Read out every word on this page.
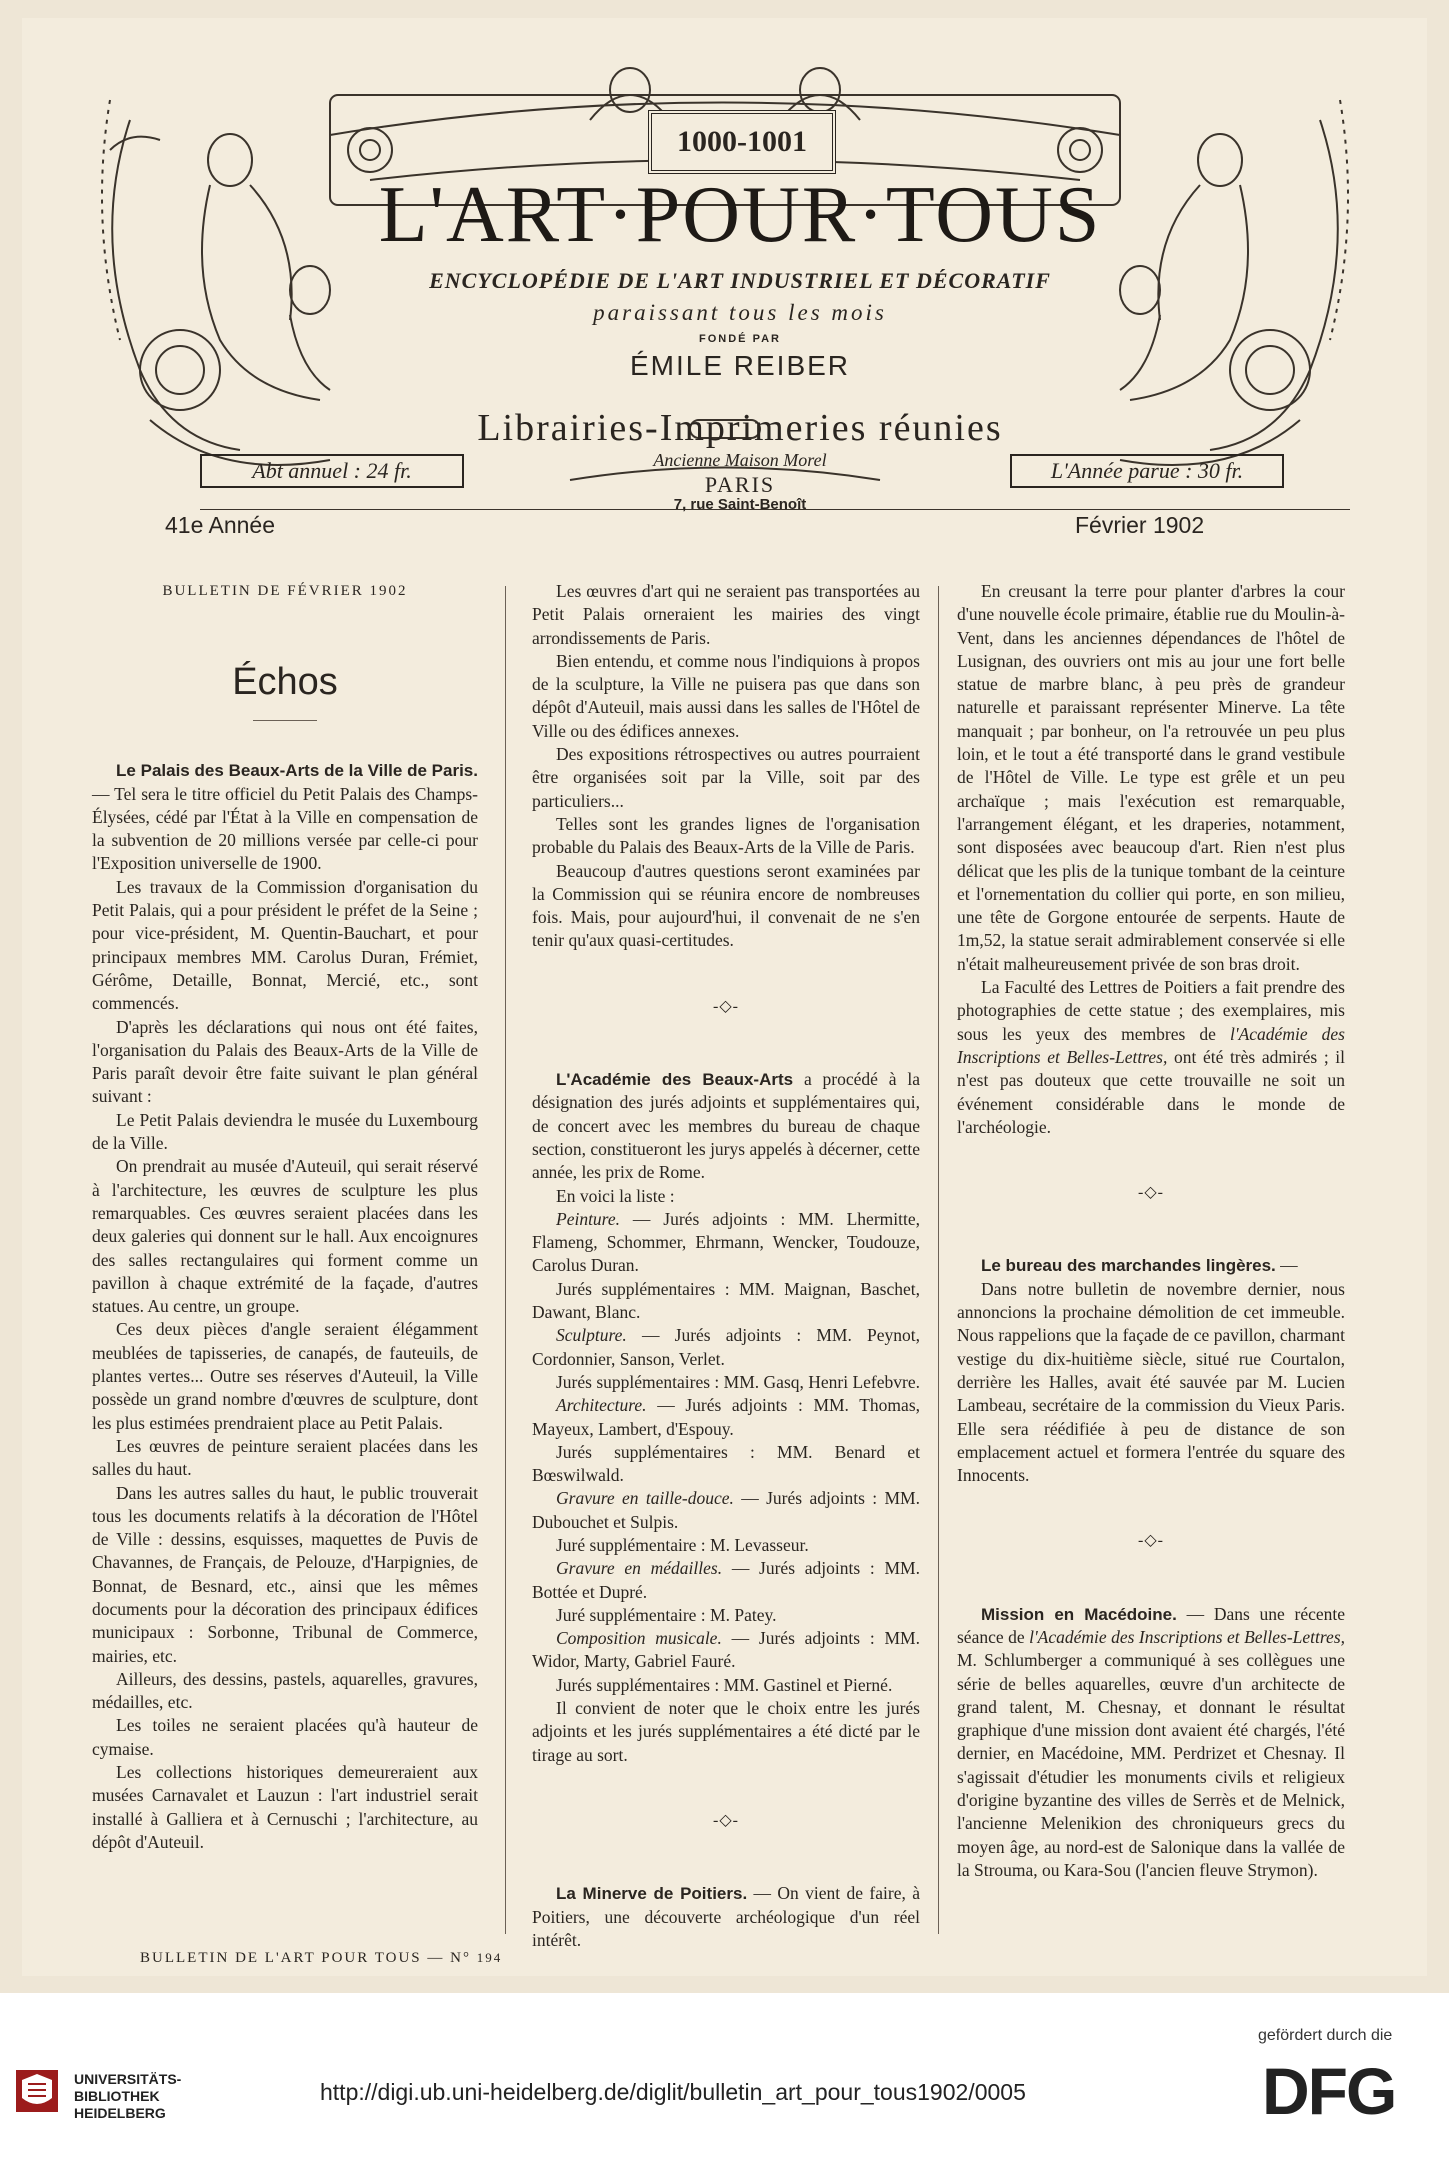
1000-1001
L'ART·POUR·TOUS
ENCYCLOPÉDIE DE L'ART INDUSTRIEL ET DÉCORATIF
paraissant tous les mois
FONDÉ PAR
ÉMILE REIBER
Librairies-Imprimeries réunies
Ancienne Maison Morel
PARIS
7, rue Saint-Benoît
Abt annuel : 24 fr.	L'Année parue : 30 fr.
41e Année	Février 1902
BULLETIN DE FÉVRIER 1902
Échos

Le Palais des Beaux-Arts de la Ville de Paris. — Tel sera le titre officiel du Petit Palais des Champs-Élysées, cédé par l'État à la Ville en compensation de la subvention de 20 millions versée par celle-ci pour l'Exposition universelle de 1900.

Les travaux de la Commission d'organisation du Petit Palais, qui a pour président le préfet de la Seine ; pour vice-président, M. Quentin-Bauchart, et pour principaux membres MM. Carolus Duran, Frémiet, Gérôme, Detaille, Bonnat, Mercié, etc., sont commencés.

D'après les déclarations qui nous ont été faites, l'organisation du Palais des Beaux-Arts de la Ville de Paris paraît devoir être faite suivant le plan général suivant :

Le Petit Palais deviendra le musée du Luxembourg de la Ville.

On prendrait au musée d'Auteuil, qui serait réservé à l'architecture, les œuvres de sculpture les plus remarquables. Ces œuvres seraient placées dans les deux galeries qui donnent sur le hall. Aux encoignures des salles rectangulaires qui forment comme un pavillon à chaque extrémité de la façade, d'autres statues. Au centre, un groupe.

Ces deux pièces d'angle seraient élégamment meublées de tapisseries, de canapés, de fauteuils, de plantes vertes... Outre ses réserves d'Auteuil, la Ville possède un grand nombre d'œuvres de sculpture, dont les plus estimées prendraient place au Petit Palais.

Les œuvres de peinture seraient placées dans les salles du haut.

Dans les autres salles du haut, le public trouverait tous les documents relatifs à la décoration de l'Hôtel de Ville : dessins, esquisses, maquettes de Puvis de Chavannes, de Français, de Pelouze, d'Harpignies, de Bonnat, de Besnard, etc., ainsi que les mêmes documents pour la décoration des principaux édifices municipaux : Sorbonne, Tribunal de Commerce, mairies, etc.

Ailleurs, des dessins, pastels, aquarelles, gravures, médailles, etc.

Les toiles ne seraient placées qu'à hauteur de cymaise.

Les collections historiques demeureraient aux musées Carnavalet et Lauzun : l'art industriel serait installé à Galliera et à Cernuschi ; l'architecture, au dépôt d'Auteuil.

Les œuvres d'art qui ne seraient pas transportées au Petit Palais orneraient les mairies des vingt arrondissements de Paris.

Bien entendu, et comme nous l'indiquions à propos de la sculpture, la Ville ne puisera pas que dans son dépôt d'Auteuil, mais aussi dans les salles de l'Hôtel de Ville ou des édifices annexes.

Des expositions rétrospectives ou autres pourraient être organisées soit par la Ville, soit par des particuliers...

Telles sont les grandes lignes de l'organisation probable du Palais des Beaux-Arts de la Ville de Paris.

Beaucoup d'autres questions seront examinées par la Commission qui se réunira encore de nombreuses fois. Mais, pour aujourd'hui, il convenait de ne s'en tenir qu'aux quasi-certitudes.

-◇-

L'Académie des Beaux-Arts a procédé à la désignation des jurés adjoints et supplémentaires qui, de concert avec les membres du bureau de chaque section, constitueront les jurys appelés à décerner, cette année, les prix de Rome.

En voici la liste :

Peinture. — Jurés adjoints : MM. Lhermitte, Flameng, Schommer, Ehrmann, Wencker, Toudouze, Carolus Duran.

Jurés supplémentaires : MM. Maignan, Baschet, Dawant, Blanc.

Sculpture. — Jurés adjoints : MM. Peynot, Cordonnier, Sanson, Verlet.

Jurés supplémentaires : MM. Gasq, Henri Lefebvre.

Architecture. — Jurés adjoints : MM. Thomas, Mayeux, Lambert, d'Espouy.

Jurés supplémentaires : MM. Benard et Bœswilwald.

Gravure en taille-douce. — Jurés adjoints : MM. Dubouchet et Sulpis.

Juré supplémentaire : M. Levasseur.

Gravure en médailles. — Jurés adjoints : MM. Bottée et Dupré.

Juré supplémentaire : M. Patey.

Composition musicale. — Jurés adjoints : MM. Widor, Marty, Gabriel Fauré.

Jurés supplémentaires : MM. Gastinel et Pierné.

Il convient de noter que le choix entre les jurés adjoints et les jurés supplémentaires a été dicté par le tirage au sort.

-◇-

La Minerve de Poitiers. — On vient de faire, à Poitiers, une découverte archéologique d'un réel intérêt.

En creusant la terre pour planter d'arbres la cour d'une nouvelle école primaire, établie rue du Moulin-à-Vent, dans les anciennes dépendances de l'hôtel de Lusignan, des ouvriers ont mis au jour une fort belle statue de marbre blanc, à peu près de grandeur naturelle et paraissant représenter Minerve. La tête manquait ; par bonheur, on l'a retrouvée un peu plus loin, et le tout a été transporté dans le grand vestibule de l'Hôtel de Ville. Le type est grêle et un peu archaïque ; mais l'exécution est remarquable, l'arrangement élégant, et les draperies, notamment, sont disposées avec beaucoup d'art. Rien n'est plus délicat que les plis de la tunique tombant de la ceinture et l'ornementation du collier qui porte, en son milieu, une tête de Gorgone entourée de serpents. Haute de 1m,52, la statue serait admirablement conservée si elle n'était malheureusement privée de son bras droit.

La Faculté des Lettres de Poitiers a fait prendre des photographies de cette statue ; des exemplaires, mis sous les yeux des membres de l'Académie des Inscriptions et Belles-Lettres, ont été très admirés ; il n'est pas douteux que cette trouvaille ne soit un événement considérable dans le monde de l'archéologie.

-◇-

Le bureau des marchandes lingères. —

Dans notre bulletin de novembre dernier, nous annoncions la prochaine démolition de cet immeuble. Nous rappelions que la façade de ce pavillon, charmant vestige du dix-huitième siècle, situé rue Courtalon, derrière les Halles, avait été sauvée par M. Lucien Lambeau, secrétaire de la commission du Vieux Paris. Elle sera réédifiée à peu de distance de son emplacement actuel et formera l'entrée du square des Innocents.

-◇-

Mission en Macédoine. — Dans une récente séance de l'Académie des Inscriptions et Belles-Lettres, M. Schlumberger a communiqué à ses collègues une série de belles aquarelles, œuvre d'un architecte de grand talent, M. Chesnay, et donnant le résultat graphique d'une mission dont avaient été chargés, l'été dernier, en Macédoine, MM. Perdrizet et Chesnay. Il s'agissait d'étudier les monuments civils et religieux d'origine byzantine des villes de Serrès et de Melnick, l'ancienne Melenikion des chroniqueurs grecs du moyen âge, au nord-est de Salonique dans la vallée de la Strouma, ou Kara-Sou (l'ancien fleuve Strymon).

BULLETIN DE L'ART POUR TOUS — N° 194
UNIVERSITÄTS-
BIBLIOTHEK
HEIDELBERG
http://digi.ub.uni-heidelberg.de/diglit/bulletin_art_pour_tous1902/0005
gefördert durch die
DFG
